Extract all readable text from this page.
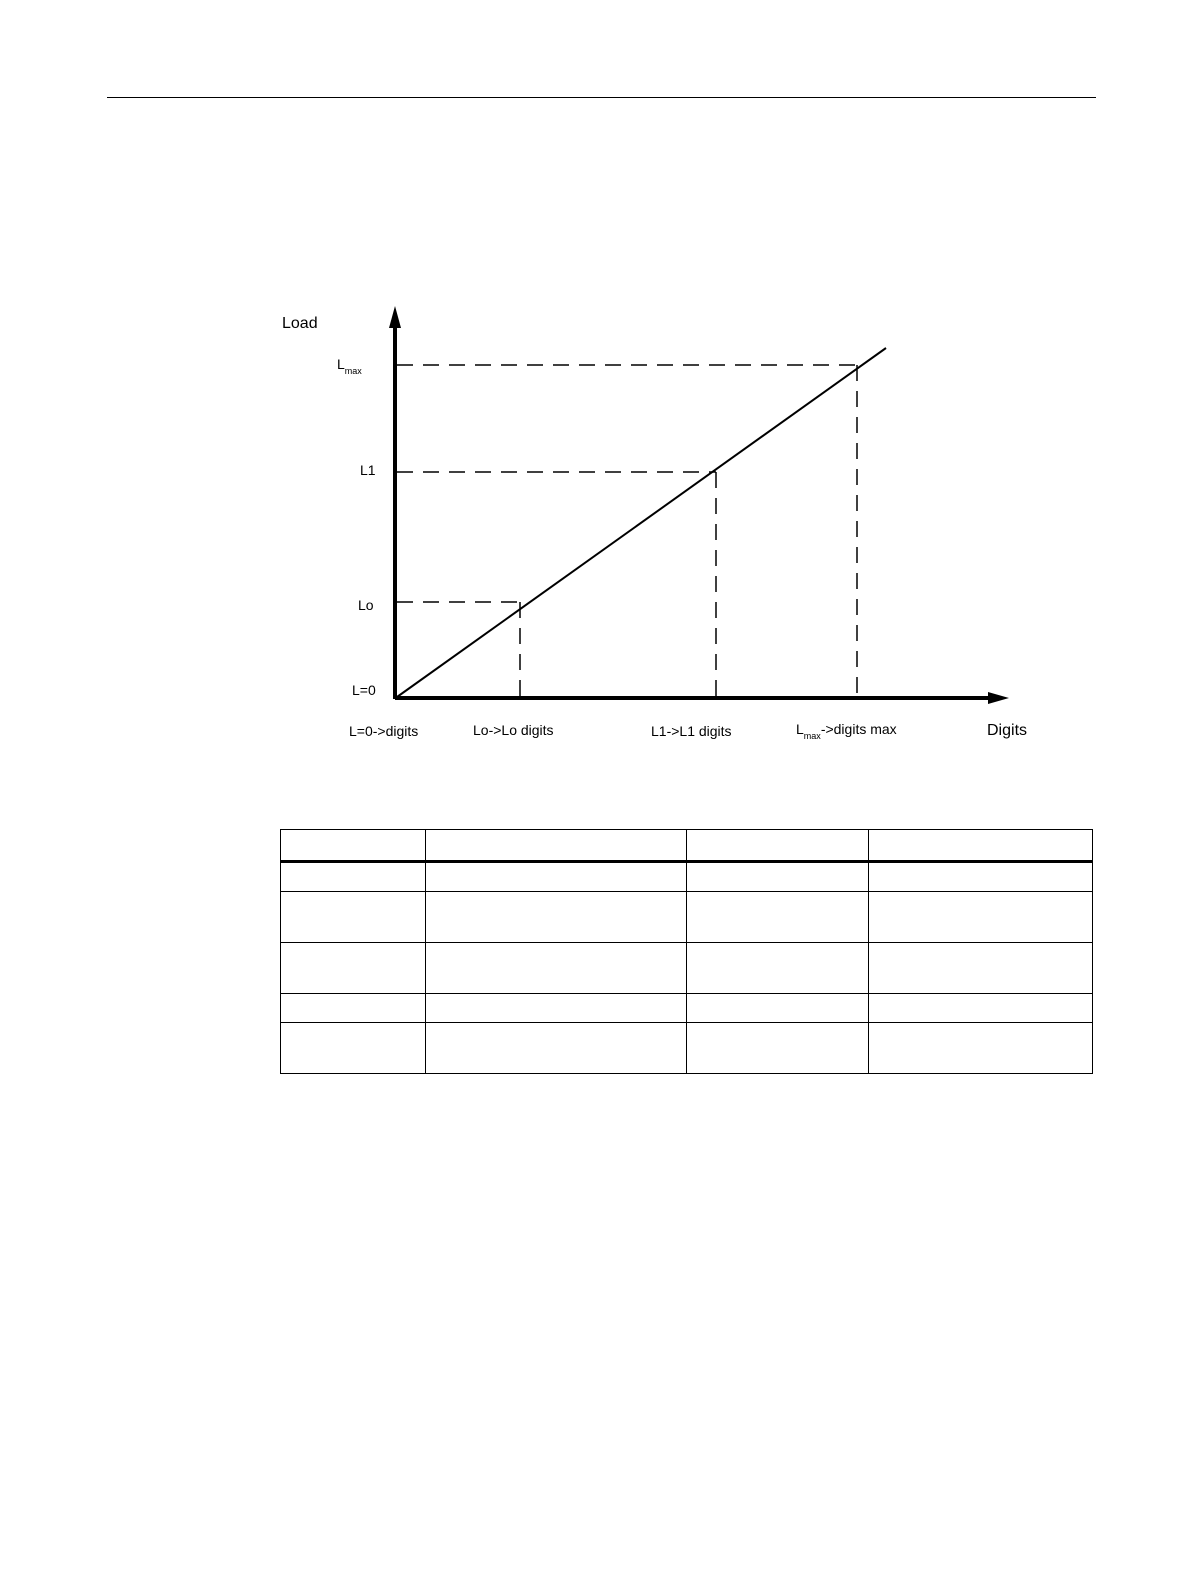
Load
L=0
Lo
L1
$L_{max}$
L=0->digits	Lo->Lo digits	L1->L1 digits	$L_{max}->digits$ max	Digits
